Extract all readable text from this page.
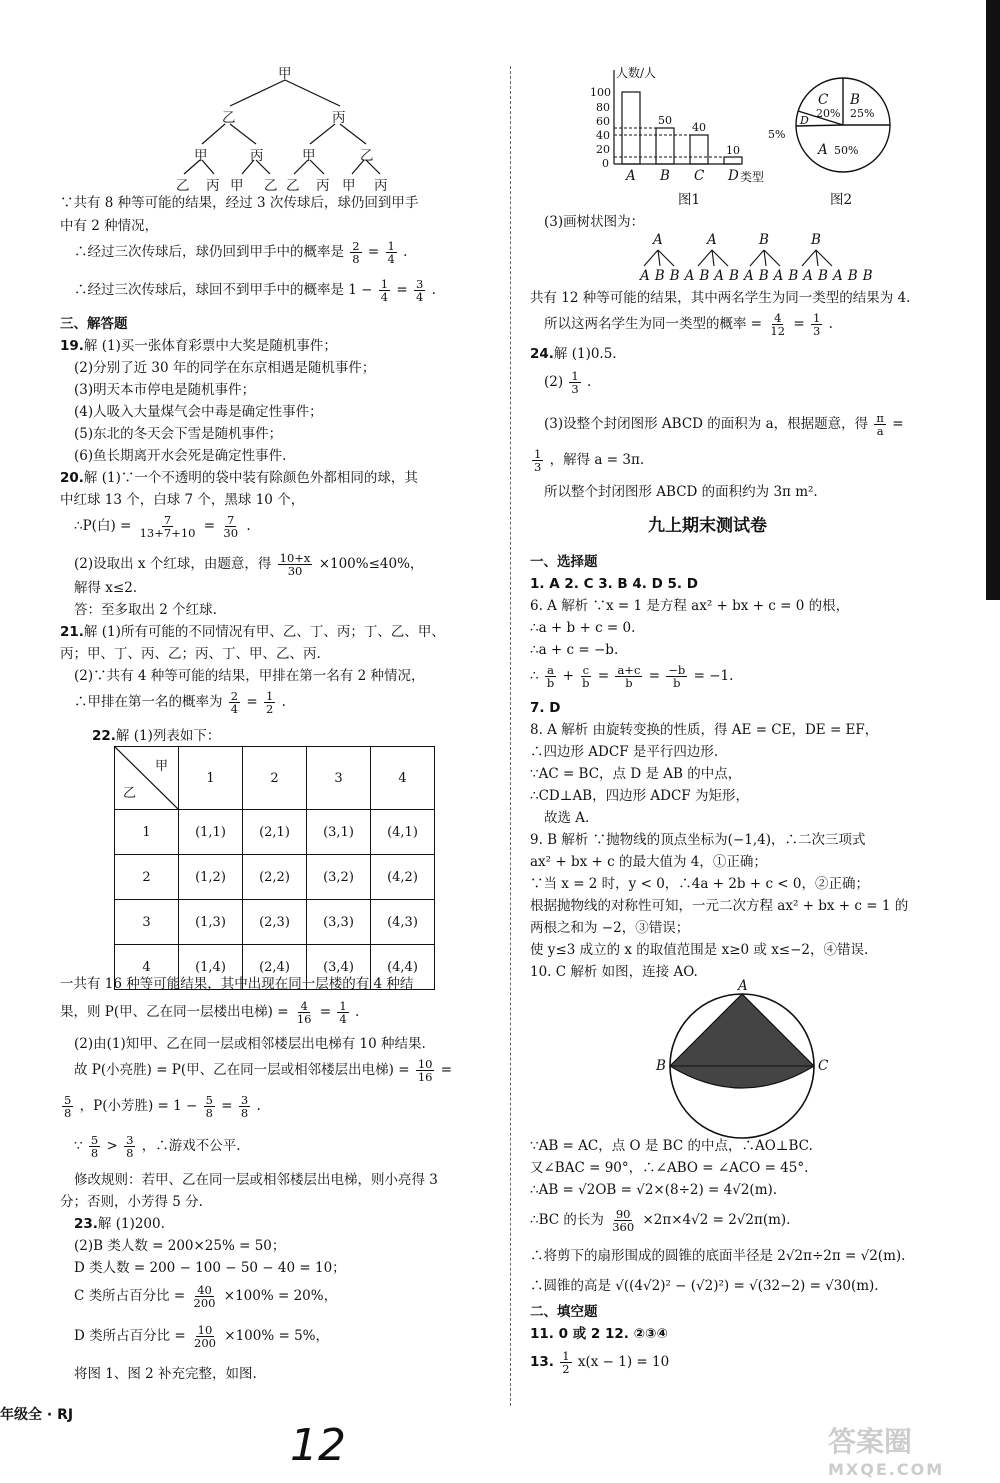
甲
乙	丙
甲	丙	甲	乙
乙 丙 甲 乙 乙 丙 甲 丙
∵共有 8 种等可能的结果，经过 3 次传球后，球仍回到甲手
中有 2 种情况，
∴经过三次传球后，球仍回到甲手中的概率是 $\frac{2}{8} = \frac{1}{4}$ .
∴经过三次传球后，球回不到甲手中的概率是 $1 - \frac{1}{4} = \frac{3}{4}$ .
三、解答题
19.解 (1)买一张体育彩票中大奖是随机事件；
(2)分别了近 30 年的同学在东京相遇是随机事件；
(3)明天本市停电是随机事件；
(4)人吸入大量煤气会中毒是确定性事件；
(5)东北的冬天会下雪是随机事件；
(6)鱼长期离开水会死是确定性事件.
20.解 (1)∵一个不透明的袋中装有除颜色外都相同的球，其
中红球 13 个，白球 7 个，黑球 10 个，
∴P(白) = $\frac{7}{13+7+10} = \frac{7}{30}$ .
(2)设取出 x 个红球，由题意，得 $\frac{10+x}{30} \times 100\%\le 40\%$，
解得 x≤2.
答：至多取出 2 个红球.
21.解 (1)所有可能的不同情况有甲、乙、丁、丙；丁、乙、甲、
丙；甲、丁、丙、乙；丙、丁、甲、乙、丙.
(2)∵共有 4 种等可能的结果，甲排在第一名有 2 种情况，
∴甲排在第一名的概率为 $\frac{2}{4} = \frac{1}{2}$ .
22.解 (1)列表如下：
甲
乙	1	2	3	4
1	(1,1)	(2,1)	(3,1)	(4,1)
2	(1,2)	(2,2)	(3,2)	(4,2)
3	(1,3)	(2,3)	(3,3)	(4,3)
4	(1,4)	(2,4)	(3,4)	(4,4)
一共有 16 种等可能结果，其中出现在同一层楼的有 4 种结
果，则 P(甲、乙在同一层楼出电梯) = $\frac{4}{16} = \frac{1}{4}$ .
(2)由(1)知甲、乙在同一层或相邻楼层出电梯有 10 种结果.
故 P(小亮胜) = P(甲、乙在同一层或相邻楼层出电梯) = $\frac{10}{16}$ =
$\frac{5}{8}$ ，P(小芳胜) = $1 - \frac{5}{8} = \frac{3}{8}$ .
∵ $\frac{5}{8} > \frac{3}{8}$ ，∴游戏不公平.
修改规则：若甲、乙在同一层或相邻楼层出电梯，则小亮得 3
分；否则，小芳得 5 分.
23.解 (1)200.
(2)B 类人数 = 200×25% = 50；
D 类人数 = 200 − 100 − 50 − 40 = 10；
C 类所占百分比 = $\frac{40}{200} \times 100\% = 20\%$，
D 类所占百分比 = $\frac{10}{200} \times 100\% = 5\%$，
将图 1、图 2 补充完整，如图.
人数/人
100
80
60
40
20
0
50
40
10
A B C D 类型
图1
C
20%
B
25%
5%
D
A 50%
图2
(3)画树状图为：
A	A	B	B
ABBABABABABABABB
共有 12 种等可能的结果，其中两名学生为同一类型的结果为 4.
所以这两名学生为同一类型的概率 = $\frac{4}{12} = \frac{1}{3}$ .
24.解 (1)0.5.
$(2) \frac{1}{3}$ .
(3)设整个封闭图形 ABCD 的面积为 a，根据题意，得 $\frac{\pi}{a}$ =
$\frac{1}{3}$ ，解得 a = 3π.
所以整个封闭图形 ABCD 的面积约为 3π m².
九上期末测试卷
一、选择题
1. A 2. C 3. B 4. D 5. D
6. A 解析 ∵x = 1 是方程 ax² + bx + c = 0 的根，
∴a + b + c = 0.
∴a + c = −b.
∴ $\frac{a}{b} + \frac{c}{b} = \frac{a+c}{b} = \frac{-b}{b} = -1$.
7. D
8. A 解析 由旋转变换的性质，得 AE = CE，DE = EF，
∴四边形 ADCF 是平行四边形.
∵AC = BC，点 D 是 AB 的中点，
∴CD⊥AB，四边形 ADCF 为矩形，
故选 A.
9. B 解析 ∵抛物线的顶点坐标为(−1,4)，∴二次三项式
ax² + bx + c 的最大值为 4，①正确；
∵当 x = 2 时，y < 0，∴4a + 2b + c < 0，②正确；
根据抛物线的对称性可知，一元二次方程 ax² + bx + c = 1 的
两根之和为 −2，③错误；
使 y≤3 成立的 x 的取值范围是 x≥0 或 x≤−2，④错误.
10. C 解析 如图，连接 AO.
A
B	C
∵AB = AC，点 O 是 BC 的中点，∴AO⊥BC.
又∠BAC = 90°，∴∠ABO = ∠ACO = 45°.
∴AB = √2OB = √2×(8÷2) = 4√2(m).
∴BC 的长为 $\frac{90}{360} \times 2\pi\times 4√2 = 2√2\pi(m)$.
∴将剪下的扇形围成的圆锥的底面半径是 2√2π÷2π = √2(m).
∴圆锥的高是 √((4√2)² − (√2)²) = √(32−2) = √30(m).
二、填空题
11. 0 或 2 12. ②③④
13. $\frac{1}{2} x(x - 1) = 10$
年级全 · RJ
12	答案圈
MXQE.COM
